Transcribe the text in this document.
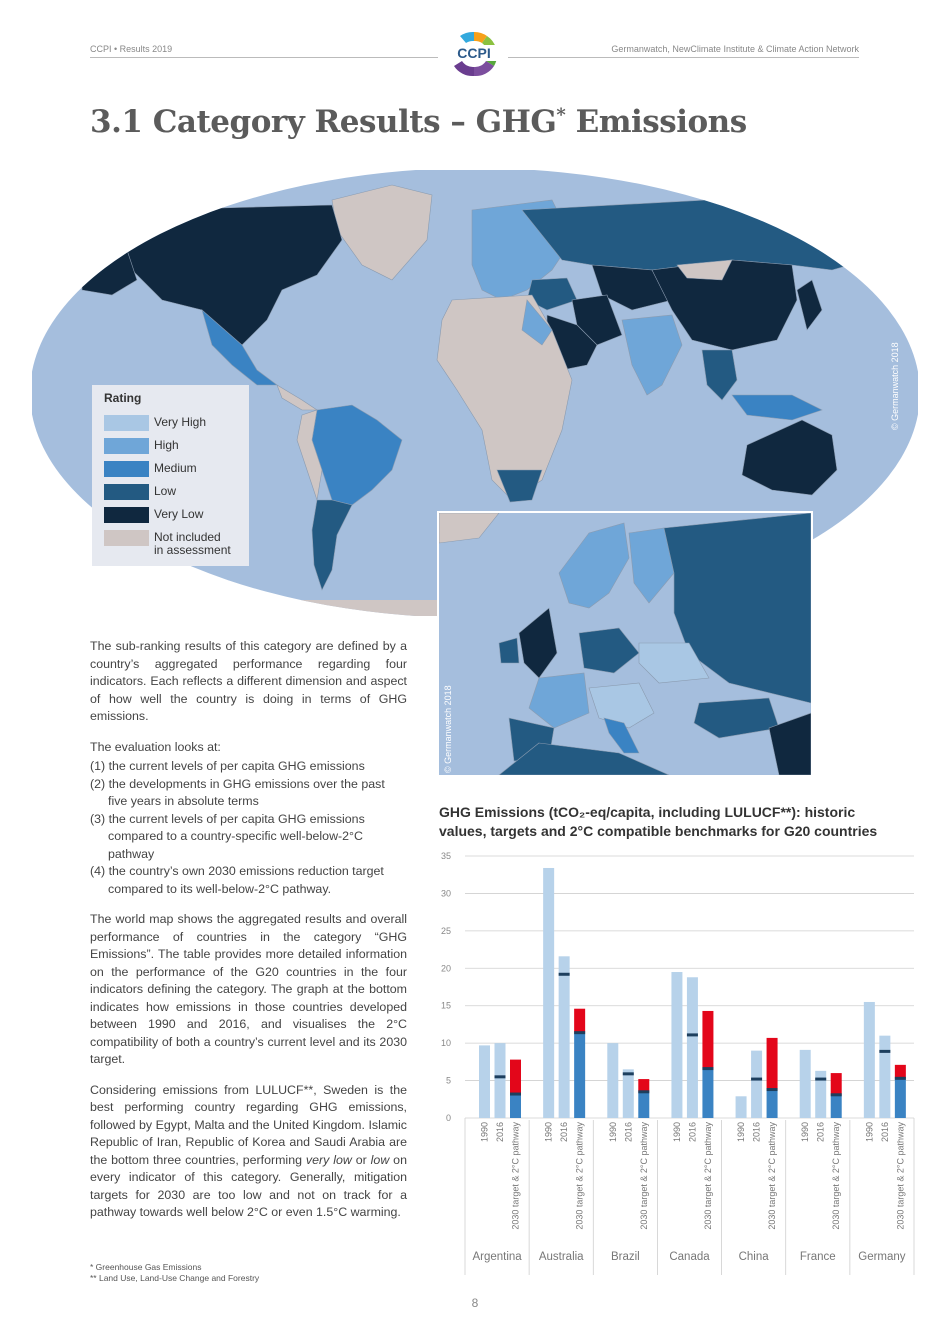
CCPI • Results 2019	Germanwatch, NewClimate Institute & Climate Action Network
CCPI
3.1 Category Results – GHG* Emissions
© Germanwatch 2018
Rating
Very High
High
Medium
Low
Very Low
Not included
in assessment
© Germanwatch 2018

The sub-ranking results of this category are defined by a country’s aggregated performance regarding four indicators. Each reflects a different dimension and aspect of how well the country is doing in terms of GHG emissions.

The evaluation looks at:

(1) the current levels of per capita GHG emissions
(2) the developments in GHG emissions over the past five years in absolute terms
(3) the current levels of per capita GHG emissions compared to a country-specific well-below-2°C pathway
(4) the country’s own 2030 emissions reduction target compared to its well-below-2°C pathway.

The world map shows the aggregated results and overall performance of countries in the category “GHG Emissions”. The table provides more detailed information on the performance of the G20 countries in the four indicators defining the category. The graph at the bottom indicates how emissions in those countries developed between 1990 and 2016, and visualises the 2°C compatibility of both a country’s current level and its 2030 target.

Considering emissions from LULUCF**, Sweden is the best performing country regarding GHG emissions, followed by Egypt, Malta and the United Kingdom. Islamic Republic of Iran, Republic of Korea and Saudi Arabia are the bottom three countries, performing very low or low on every indicator of this category. Generally, mitigation targets for 2030 are too low and not on track for a pathway towards well below 2°C or even 1.5°C warming.

* Greenhouse Gas Emissions
** Land Use, Land-Use Change and Forestry
8
GHG Emissions (tCO₂-eq/capita, including LULUCF**): historic
values, targets and 2°C compatible benchmarks for G20 countries
0
5
10
15
20
25
30
35
1990 2016 2030 target & 2°C pathway
Argentina
1990 2016 2030 target & 2°C pathway
Australia
1990 2016 2030 target & 2°C pathway
Brazil
1990 2016 2030 target & 2°C pathway
Canada
1990 2016 2030 target & 2°C pathway
China
1990 2016 2030 target & 2°C pathway
France
1990 2016 2030 target & 2°C pathway
Germany
